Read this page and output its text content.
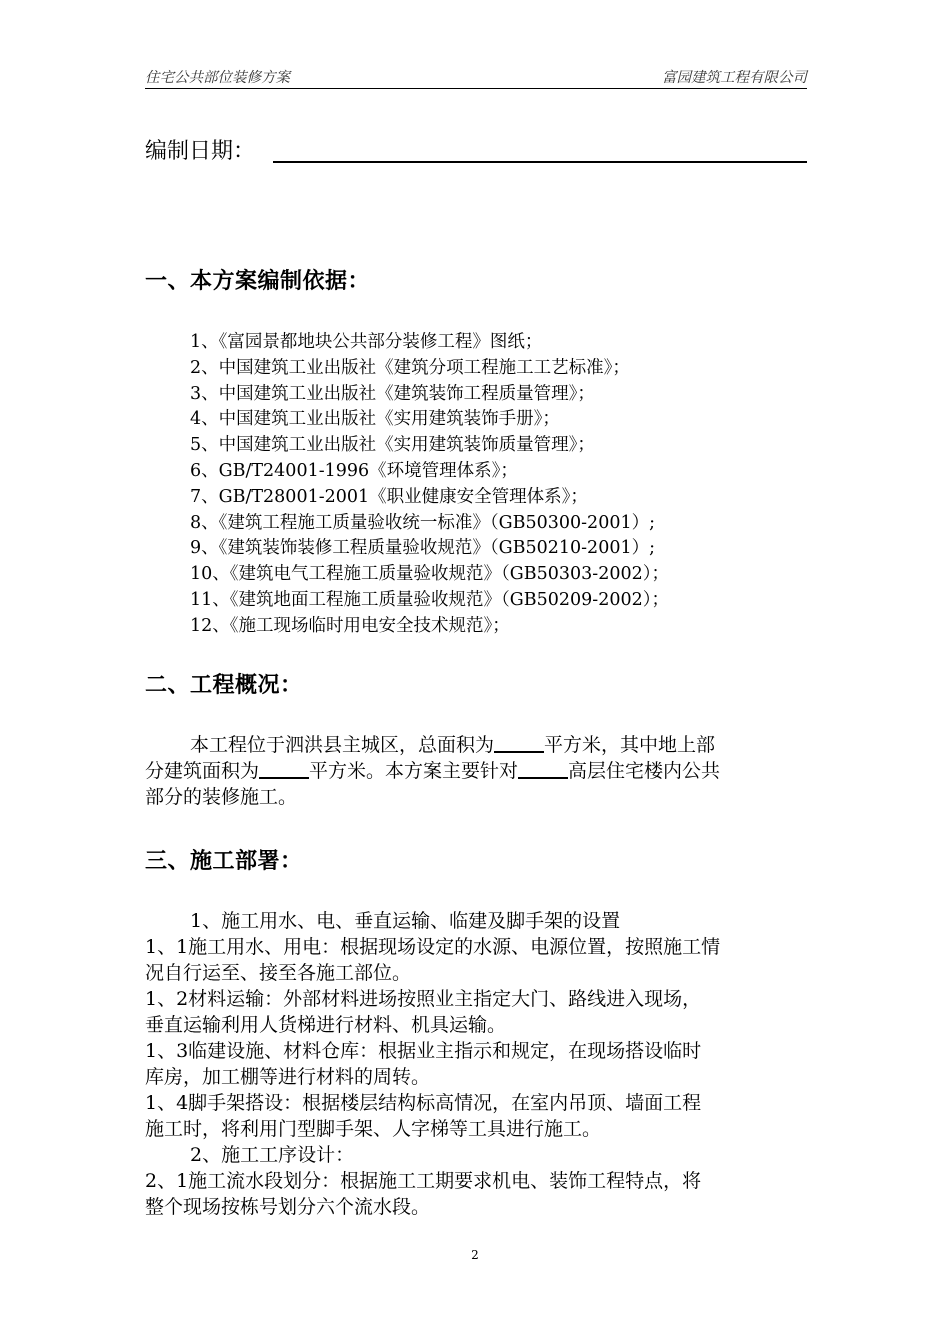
住宅公共部位装修方案	富园建筑工程有限公司
编制日期：
一、本方案编制依据：
1、《富园景都地块公共部分装修工程》图纸；
2、中国建筑工业出版社《建筑分项工程施工工艺标准》；
3、中国建筑工业出版社《建筑装饰工程质量管理》；
4、中国建筑工业出版社《实用建筑装饰手册》；
5、中国建筑工业出版社《实用建筑装饰质量管理》；
6、GB/T24001-1996《环境管理体系》；
7、GB/T28001-2001《职业健康安全管理体系》；
8、《建筑工程施工质量验收统一标准》（GB50300-2001）;
9、《建筑装饰装修工程质量验收规范》（GB50210-2001）;
10、《建筑电气工程施工质量验收规范》（GB50303-2002）；
11、《建筑地面工程施工质量验收规范》（GB50209-2002）；
12、《施工现场临时用电安全技术规范》；
二、工程概况：
本工程位于泗洪县主城区，总面积为	平方米，其中地上部
分建筑面积为	平方米。本方案主要针对	高层住宅楼内公共
部分的装修施工。
三、施工部署：
1、施工用水、电、垂直运输、临建及脚手架的设置
1、1施工用水、用电：根据现场设定的水源、电源位置，按照施工情
况自行运至、接至各施工部位。
1、2材料运输：外部材料进场按照业主指定大门、路线进入现场，
垂直运输利用人货梯进行材料、机具运输。
1、3临建设施、材料仓库：根据业主指示和规定，在现场搭设临时
库房，加工棚等进行材料的周转。
1、4脚手架搭设：根据楼层结构标高情况，在室内吊顶、墙面工程
施工时，将利用门型脚手架、人字梯等工具进行施工。
2、施工工序设计：
2、1施工流水段划分：根据施工工期要求机电、装饰工程特点，将
整个现场按栋号划分六个流水段。
2
